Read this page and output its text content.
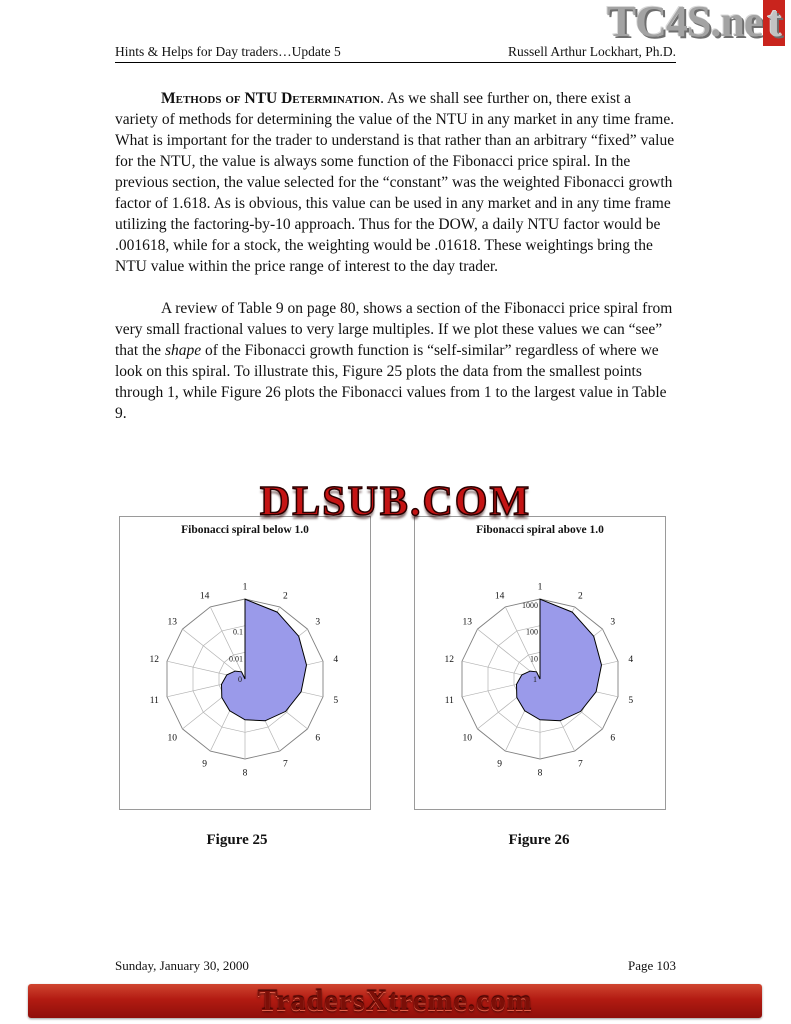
TC4S.ne t
Hints & Helps for Day traders…Update 5	Russell Arthur Lockhart, Ph.D.

Methods of NTU Determination. As we shall see further on, there exist a variety of methods for determining the value of the NTU in any market in any time frame. What is important for the trader to understand is that rather than an arbitrary “fixed” value for the NTU, the value is always some function of the Fibonacci price spiral. In the previous section, the value selected for the “constant” was the weighted Fibonacci growth factor of 1.618. As is obvious, this value can be used in any market and in any time frame utilizing the factoring-by-10 approach. Thus for the DOW, a daily NTU factor would be .001618, while for a stock, the weighting would be .01618. These weightings bring the NTU value within the price range of interest to the day trader.

A review of Table 9 on page 80, shows a section of the Fibonacci price spiral from very small fractional values to very large multiples. If we plot these values we can “see” that the shape of the Fibonacci growth function is “self-similar” regardless of where we look on this spiral. To illustrate this, Figure 25 plots the data from the smallest points through 1, while Figure 26 plots the Fibonacci values from 1 to the largest value in Table 9.

DLSUB.COM
Fibonacci spiral below 1.0
1
2
3
4
5
6
7
8
9
10
11
12
13
14
0.01
0.1
0
Fibonacci spiral above 1.0
1
2
3
4
5
6
7
8
9
10
11
12
13
14
10
100
1000
1
Figure 25	Figure 26
Sunday, January 30, 2000	Page 103
TradersXtreme.com
